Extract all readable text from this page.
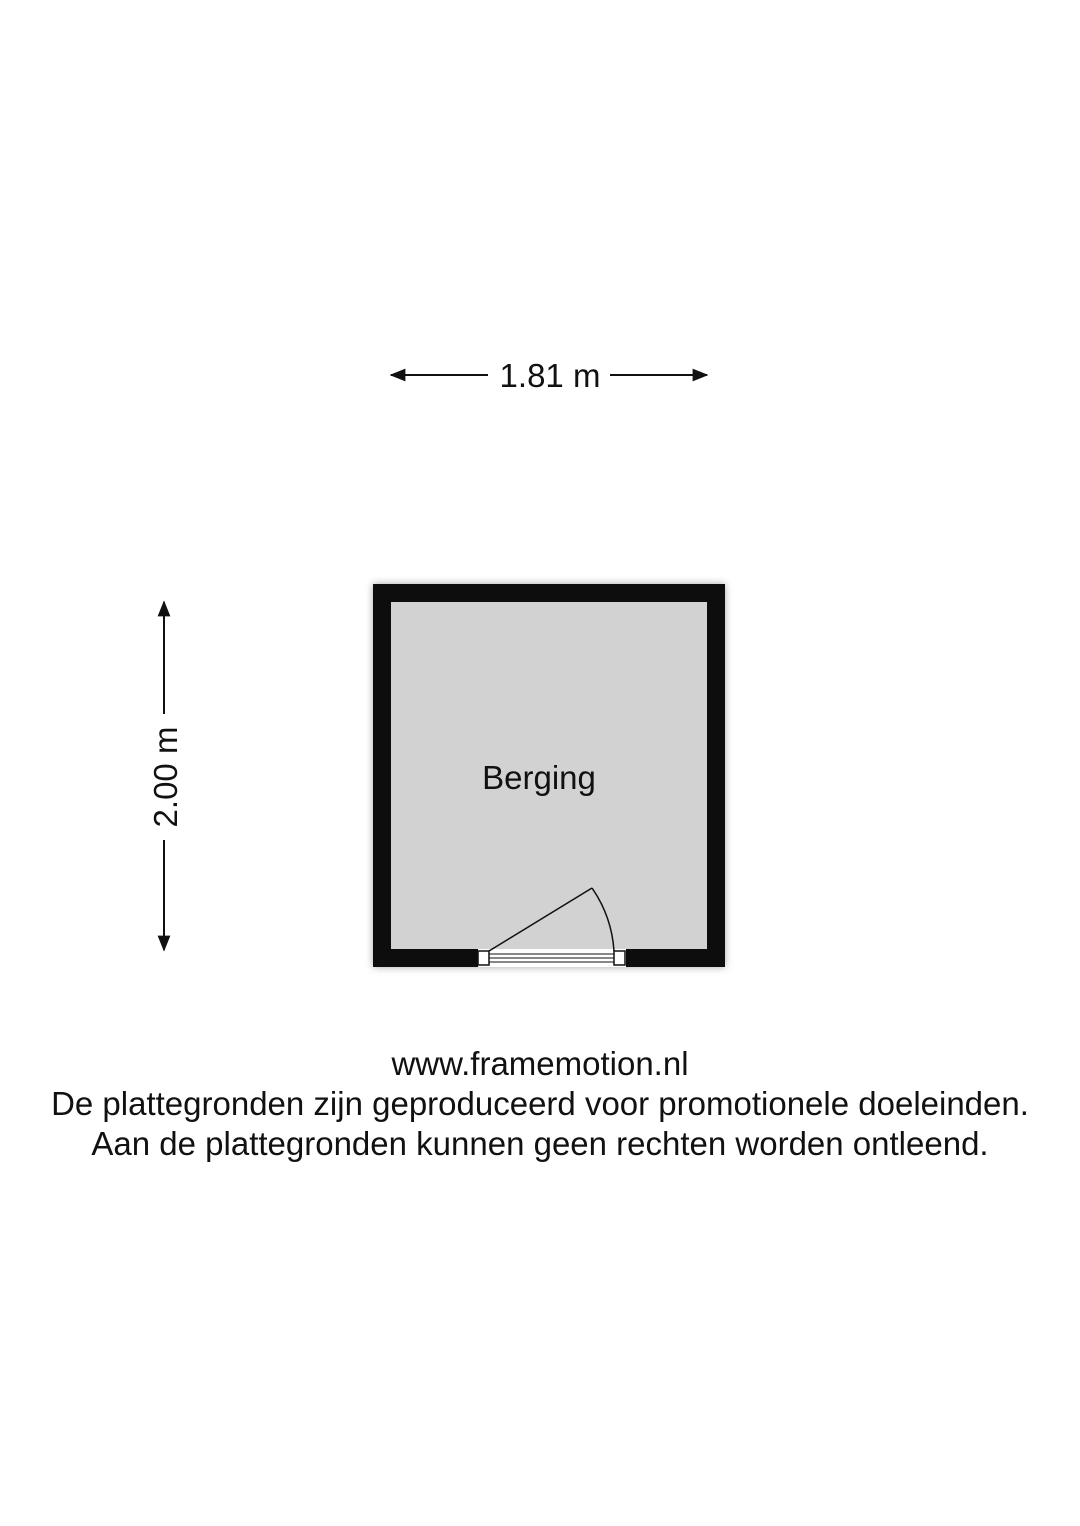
1.81 m
2.00 m	Berging
www.framemotion.nl
De plattegronden zijn geproduceerd voor promotionele doeleinden.
Aan de plattegronden kunnen geen rechten worden ontleend.
